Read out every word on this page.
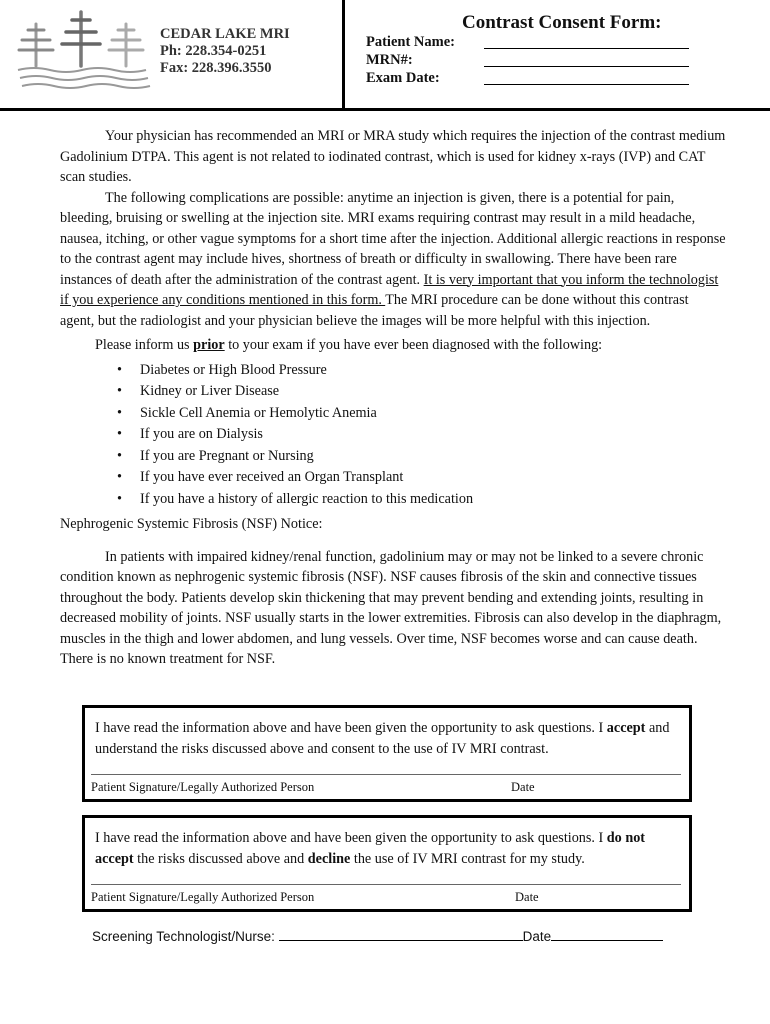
CEDAR LAKE MRI
Ph: 228.354-0251
Fax: 228.396.3550
Contrast Consent Form:
Patient Name:
MRN#:
Exam Date:

Your physician has recommended an MRI or MRA study which requires the injection of the contrast medium Gadolinium DTPA. This agent is not related to iodinated contrast, which is used for kidney x-rays (IVP) and CAT scan studies.

The following complications are possible: anytime an injection is given, there is a potential for pain, bleeding, bruising or swelling at the injection site. MRI exams requiring contrast may result in a mild headache, nausea, itching, or other vague symptoms for a short time after the injection. Additional allergic reactions in response to the contrast agent may include hives, shortness of breath or difficulty in swallowing. There have been rare instances of death after the administration of the contrast agent. It is very important that you inform the technologist if you experience any conditions mentioned in this form. The MRI procedure can be done without this contrast agent, but the radiologist and your physician believe the images will be more helpful with this injection.

Please inform us prior to your exam if you have ever been diagnosed with the following:

• Diabetes or High Blood Pressure
• Kidney or Liver Disease
• Sickle Cell Anemia or Hemolytic Anemia
• If you are on Dialysis
• If you are Pregnant or Nursing
• If you have ever received an Organ Transplant
• If you have a history of allergic reaction to this medication

Nephrogenic Systemic Fibrosis (NSF) Notice:

In patients with impaired kidney/renal function, gadolinium may or may not be linked to a severe chronic condition known as nephrogenic systemic fibrosis (NSF). NSF causes fibrosis of the skin and connective tissues throughout the body. Patients develop skin thickening that may prevent bending and extending joints, resulting in decreased mobility of joints. NSF usually starts in the lower extremities. Fibrosis can also develop in the diaphragm, muscles in the thigh and lower abdomen, and lung vessels. Over time, NSF becomes worse and can cause death. There is no known treatment for NSF.

I have read the information above and have been given the opportunity to ask questions. I accept and understand the risks discussed above and consent to the use of IV MRI contrast.
Patient Signature/Legally Authorized Person	Date
I have read the information above and have been given the opportunity to ask questions. I do not accept the risks discussed above and decline the use of IV MRI contrast for my study.
Patient Signature/Legally Authorized Person	Date
Screening Technologist/Nurse:	Date
